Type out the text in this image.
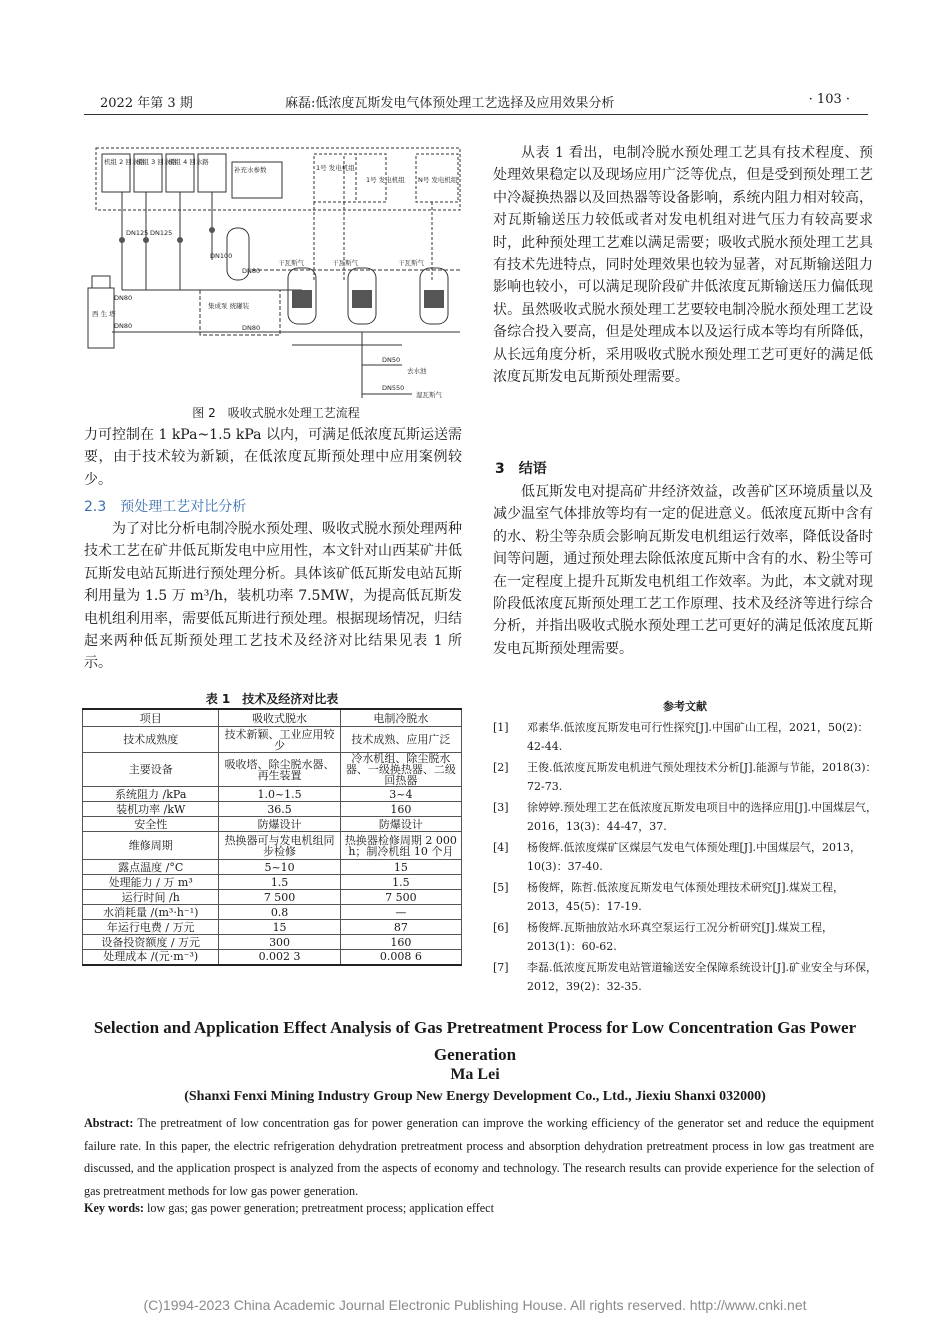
2022 年第 3 期	麻磊:低浓度瓦斯发电气体预处理工艺选择及应用效果分析	· 103 ·
机组 2 回水路
机组 3 回水路
机组 4 回水路
补充水参数	1号 发电机组
1号 发电机组 N号 发电机组
干瓦斯气	干瓦斯气	干瓦斯气
DN125 DN125
DN100
DN80
DN80
DN80
DN80
DN50
DN550
西 生 塔
集成泵 统罐装
去水池
湿瓦斯气
图 2　吸收式脱水处理工艺流程

力可控制在 1 kPa~1.5 kPa 以内，可满足低浓度瓦斯运送需要，由于技术较为新颖，在低浓度瓦斯预处理中应用案例较少。

2.3　预处理工艺对比分析

为了对比分析电制冷脱水预处理、吸收式脱水预处理两种技术工艺在矿井低瓦斯发电中应用性，本文针对山西某矿井低瓦斯发电站瓦斯进行预处理分析。具体该矿低瓦斯发电站瓦斯利用量为 1.5 万 m³/h，装机功率 7.5MW，为提高低瓦斯发电机组利用率，需要低瓦斯进行预处理。根据现场情况，归结起来两种低瓦斯预处理工艺技术及经济对比结果见表 1 所示。

表 1　技术及经济对比表
项目	吸收式脱水	电制冷脱水
技术成熟度	技术新颖、工业应用较少	技术成熟、应用广泛
主要设备	吸收塔、除尘脱水器、再生装置	冷水机组、除尘脱水器、一级换热器、二级回热器
系统阻力 /kPa	1.0~1.5	3~4
装机功率 /kW	36.5	160
安全性	防爆设计	防爆设计
维修周期	热换器可与发电机组同步检修	热换器检修周期 2 000 h；制冷机组 10 个月
露点温度 /°C	5~10	15
处理能力 / 万 m³	1.5	1.5
运行时间 /h	7 500	7 500
水消耗量 /(m³·h⁻¹)	0.8	—
年运行电费 / 万元	15	87
设备投资额度 / 万元	300	160
处理成本 /(元·m⁻³)	0.002 3	0.008 6

从表 1 看出，电制冷脱水预处理工艺具有技术程度、预处理效果稳定以及现场应用广泛等优点，但是受到预处理工艺中冷凝换热器以及回热器等设备影响，系统内阻力相对较高，对瓦斯输送压力较低或者对发电机组对进气压力有较高要求时，此种预处理工艺难以满足需要；吸收式脱水预处理工艺具有技术先进特点，同时处理效果也较为显著，对瓦斯输送阻力影响也较小，可以满足现阶段矿井低浓度瓦斯输送压力偏低现状。虽然吸收式脱水预处理工艺要较电制冷脱水预处理工艺设备综合投入要高，但是处理成本以及运行成本等均有所降低，从长远角度分析，采用吸收式脱水预处理工艺可更好的满足低浓度瓦斯发电瓦斯预处理需要。

3　结语

低瓦斯发电对提高矿井经济效益，改善矿区环境质量以及减少温室气体排放等均有一定的促进意义。低浓度瓦斯中含有的水、粉尘等杂质会影响瓦斯发电机组运行效率，降低设备时间等问题，通过预处理去除低浓度瓦斯中含有的水、粉尘等可在一定程度上提升瓦斯发电机组工作效率。为此，本文就对现阶段低浓度瓦斯预处理工艺工作原理、技术及经济等进行综合分析，并指出吸收式脱水预处理工艺可更好的满足低浓度瓦斯发电瓦斯预处理需要。

参考文献
[1] 邓素华.低浓度瓦斯发电可行性探究[J].中国矿山工程，2021，50(2)：42-44.
[2] 王俊.低浓度瓦斯发电机进气预处理技术分析[J].能源与节能，2018(3)：72-73.
[3] 徐婷婷.预处理工艺在低浓度瓦斯发电项目中的选择应用[J].中国煤层气，2016，13(3)：44-47，37.
[4] 杨俊辉.低浓度煤矿区煤层气发电气体预处理[J].中国煤层气，2013，10(3)：37-40.
[5] 杨俊辉，陈哲.低浓度瓦斯发电气体预处理技术研究[J].煤炭工程，2013，45(5)：17-19.
[6] 杨俊辉.瓦斯抽放站水环真空泵运行工况分析研究[J].煤炭工程，2013(1)：60-62.
[7] 李磊.低浓度瓦斯发电站管道输送安全保障系统设计[J].矿业安全与环保，2012，39(2)：32-35.
Selection and Application Effect Analysis of Gas Pretreatment Process for Low Concentration Gas Power Generation
Ma Lei
(Shanxi Fenxi Mining Industry Group New Energy Development Co., Ltd., Jiexiu Shanxi 032000)
Abstract: The pretreatment of low concentration gas for power generation can improve the working efficiency of the generator set and reduce the equipment failure rate. In this paper, the electric refrigeration dehydration pretreatment process and absorption dehydration pretreatment process in low gas treatment are discussed, and the application prospect is analyzed from the aspects of economy and technology. The research results can provide experience for the selection of gas pretreatment methods for low gas power generation.
Key words: low gas; gas power generation; pretreatment process; application effect
(C)1994-2023 China Academic Journal Electronic Publishing House. All rights reserved. http://www.cnki.net
